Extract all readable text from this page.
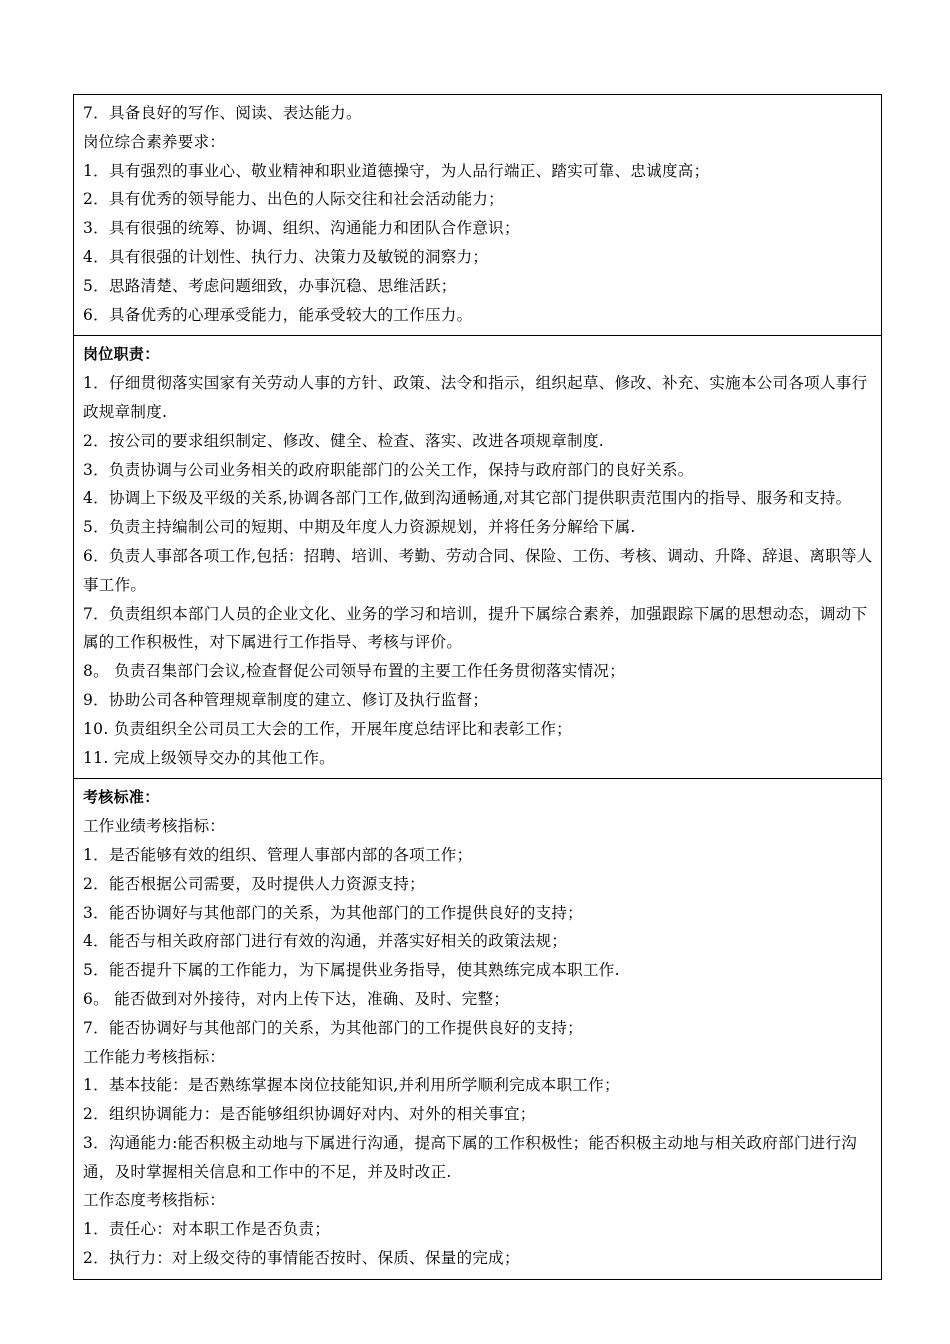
7．具备良好的写作、阅读、表达能力。
岗位综合素养要求：
1．具有强烈的事业心、敬业精神和职业道德操守，为人品行端正、踏实可靠、忠诚度高；
2．具有优秀的领导能力、出色的人际交往和社会活动能力；
3．具有很强的统筹、协调、组织、沟通能力和团队合作意识；
4．具有很强的计划性、执行力、决策力及敏锐的洞察力；
5．思路清楚、考虑问题细致，办事沉稳、思维活跃；
6．具备优秀的心理承受能力，能承受较大的工作压力。

岗位职责：
1．仔细贯彻落实国家有关劳动人事的方针、政策、法令和指示，组织起草、修改、补充、实施本公司各项人事行政规章制度.
2．按公司的要求组织制定、修改、健全、检查、落实、改进各项规章制度.
3．负责协调与公司业务相关的政府职能部门的公关工作，保持与政府部门的良好关系。
4．协调上下级及平级的关系,协调各部门工作,做到沟通畅通,对其它部门提供职责范围内的指导、服务和支持。
5．负责主持编制公司的短期、中期及年度人力资源规划，并将任务分解给下属.
6．负责人事部各项工作,包括：招聘、培训、考勤、劳动合同、保险、工伤、考核、调动、升降、辞退、离职等人事工作。
7．负责组织本部门人员的企业文化、业务的学习和培训，提升下属综合素养，加强跟踪下属的思想动态，调动下属的工作积极性，对下属进行工作指导、考核与评价。
8。 负责召集部门会议,检查督促公司领导布置的主要工作任务贯彻落实情况；
9．协助公司各种管理规章制度的建立、修订及执行监督；
10. 负责组织全公司员工大会的工作，开展年度总结评比和表彰工作；
11. 完成上级领导交办的其他工作。

考核标准：
工作业绩考核指标：
1．是否能够有效的组织、管理人事部内部的各项工作；
2．能否根据公司需要，及时提供人力资源支持；
3．能否协调好与其他部门的关系，为其他部门的工作提供良好的支持；
4．能否与相关政府部门进行有效的沟通，并落实好相关的政策法规；
5．能否提升下属的工作能力，为下属提供业务指导，使其熟练完成本职工作.
6。 能否做到对外接待，对内上传下达，准确、及时、完整；
7．能否协调好与其他部门的关系，为其他部门的工作提供良好的支持；
工作能力考核指标：
1．基本技能：是否熟练掌握本岗位技能知识,并利用所学顺利完成本职工作；
2．组织协调能力：是否能够组织协调好对内、对外的相关事宜；
3．沟通能力:能否积极主动地与下属进行沟通，提高下属的工作积极性；能否积极主动地与相关政府部门进行沟通，及时掌握相关信息和工作中的不足，并及时改正.
工作态度考核指标：
1．责任心：对本职工作是否负责；
2．执行力：对上级交待的事情能否按时、保质、保量的完成；
